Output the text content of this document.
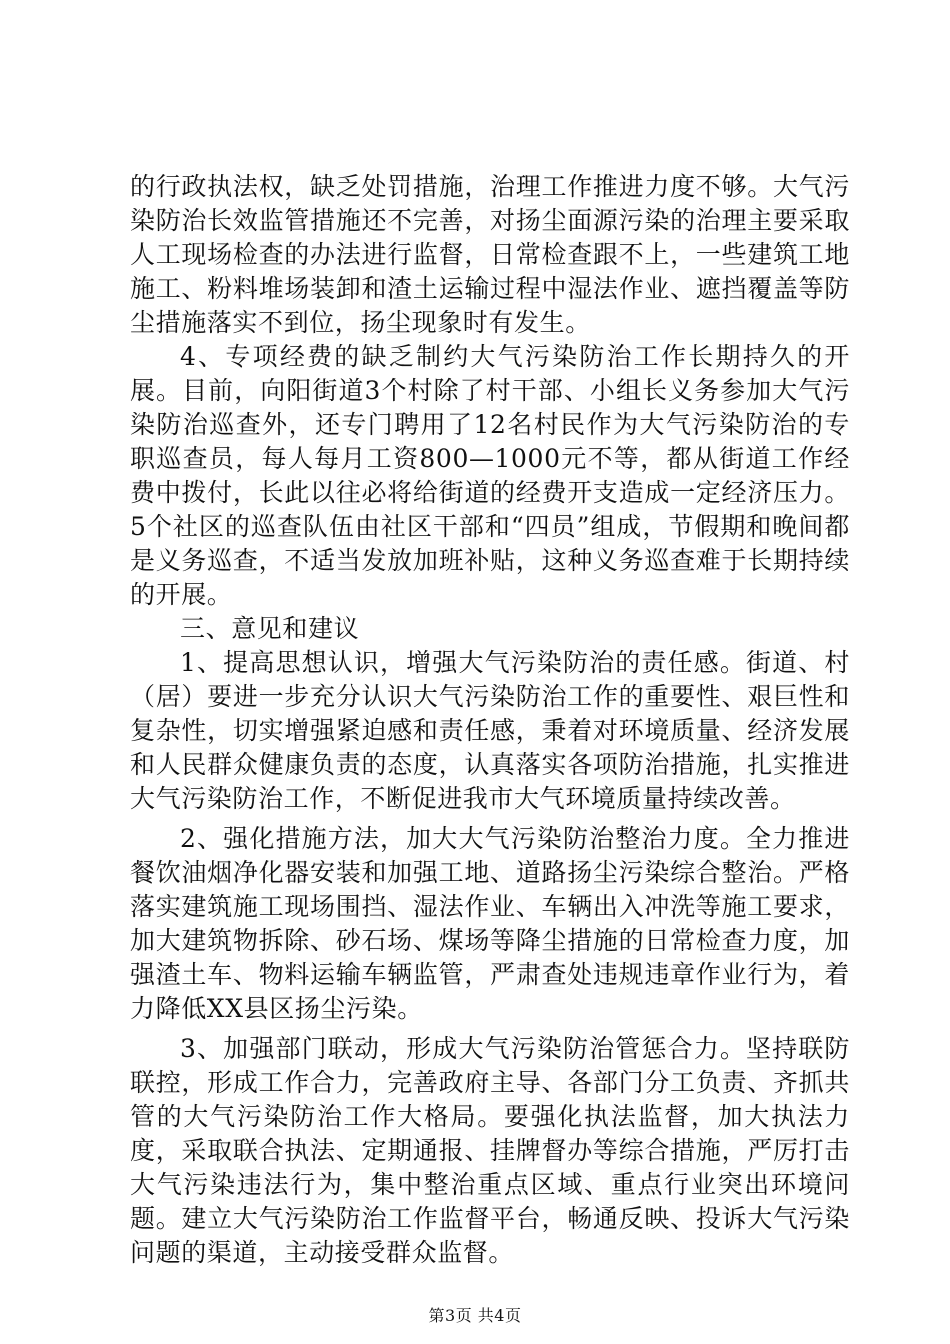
的行政执法权，缺乏处罚措施，治理工作推进力度不够。大气污染防治长效监管措施还不完善，对扬尘面源污染的治理主要采取人工现场检查的办法进行监督，日常检查跟不上，一些建筑工地施工、粉料堆场装卸和渣土运输过程中湿法作业、遮挡覆盖等防尘措施落实不到位，扬尘现象时有发生。

4、专项经费的缺乏制约大气污染防治工作长期持久的开展。目前，向阳街道3个村除了村干部、小组长义务参加大气污染防治巡查外，还专门聘用了12名村民作为大气污染防治的专职巡查员，每人每月工资800—1000元不等，都从街道工作经费中拨付，长此以往必将给街道的经费开支造成一定经济压力。5个社区的巡查队伍由社区干部和“四员”组成，节假期和晚间都是义务巡查，不适当发放加班补贴，这种义务巡查难于长期持续的开展。

三、意见和建议

1、提高思想认识，增强大气污染防治的责任感。街道、村（居）要进一步充分认识大气污染防治工作的重要性、艰巨性和复杂性，切实增强紧迫感和责任感，秉着对环境质量、经济发展和人民群众健康负责的态度，认真落实各项防治措施，扎实推进大气污染防治工作，不断促进我市大气环境质量持续改善。

2、强化措施方法，加大大气污染防治整治力度。全力推进餐饮油烟净化器安装和加强工地、道路扬尘污染综合整治。严格落实建筑施工现场围挡、湿法作业、车辆出入冲洗等施工要求，加大建筑物拆除、砂石场、煤场等降尘措施的日常检查力度，加强渣土车、物料运输车辆监管，严肃查处违规违章作业行为，着力降低XX县区扬尘污染。

3、加强部门联动，形成大气污染防治管惩合力。坚持联防联控，形成工作合力，完善政府主导、各部门分工负责、齐抓共管的大气污染防治工作大格局。要强化执法监督，加大执法力度，采取联合执法、定期通报、挂牌督办等综合措施，严厉打击大气污染违法行为，集中整治重点区域、重点行业突出环境问题。建立大气污染防治工作监督平台，畅通反映、投诉大气污染问题的渠道，主动接受群众监督。

第3页 共4页
